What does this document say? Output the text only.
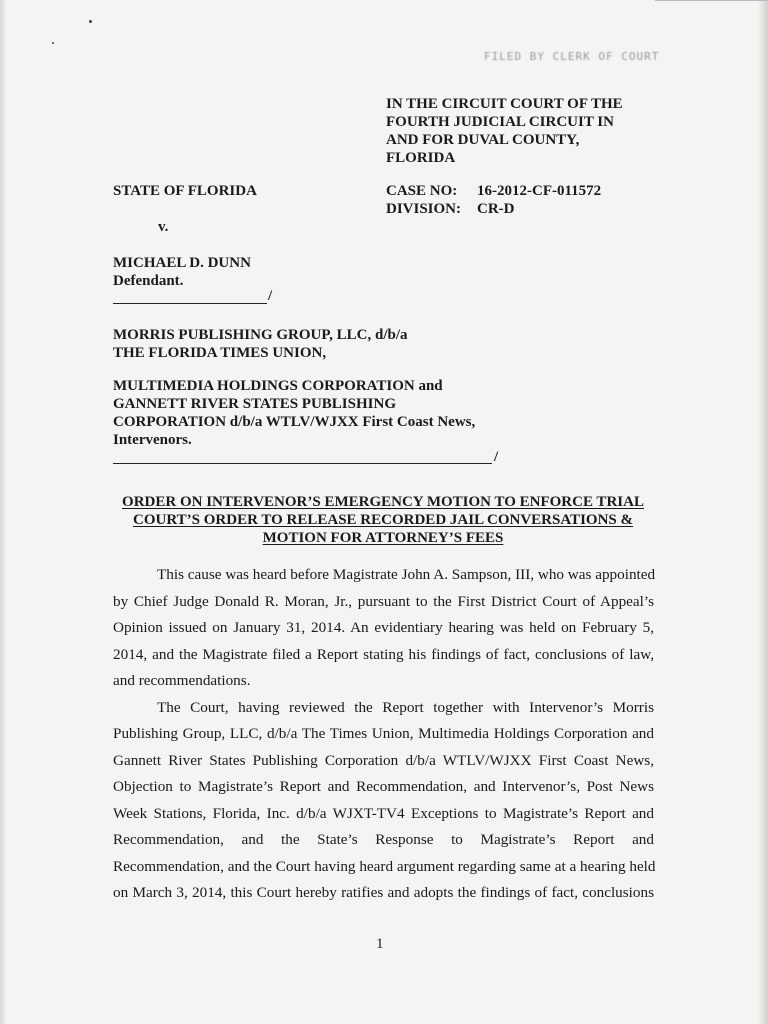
FILED BY CLERK OF COURT
IN THE CIRCUIT COURT OF THE
FOURTH JUDICIAL CIRCUIT IN
AND FOR DUVAL COUNTY,
FLORIDA
STATE OF FLORIDA	CASE NO: 16-2012-CF-011572
DIVISION: CR-D
v.
MICHAEL D. DUNN
Defendant.
/
MORRIS PUBLISHING GROUP, LLC, d/b/a
THE FLORIDA TIMES UNION,
MULTIMEDIA HOLDINGS CORPORATION and
GANNETT RIVER STATES PUBLISHING
CORPORATION d/b/a WTLV/WJXX First Coast News,
Intervenors.
/
ORDER ON INTERVENOR’S EMERGENCY MOTION TO ENFORCE TRIAL
COURT’S ORDER TO RELEASE RECORDED JAIL CONVERSATIONS &
MOTION FOR ATTORNEY’S FEES
This cause was heard before Magistrate John A. Sampson, III, who was appointed
by Chief Judge Donald R. Moran, Jr., pursuant to the First District Court of Appeal’s
Opinion issued on January 31, 2014. An evidentiary hearing was held on February 5,
2014, and the Magistrate filed a Report stating his findings of fact, conclusions of law,
and recommendations.
The Court, having reviewed the Report together with Intervenor’s Morris
Publishing Group, LLC, d/b/a The Times Union, Multimedia Holdings Corporation and
Gannett River States Publishing Corporation d/b/a WTLV/WJXX First Coast News,
Objection to Magistrate’s Report and Recommendation, and Intervenor’s, Post News
Week Stations, Florida, Inc. d/b/a WJXT-TV4 Exceptions to Magistrate’s Report and
Recommendation, and the State’s Response to Magistrate’s Report and
Recommendation, and the Court having heard argument regarding same at a hearing held
on March 3, 2014, this Court hereby ratifies and adopts the findings of fact, conclusions
1
